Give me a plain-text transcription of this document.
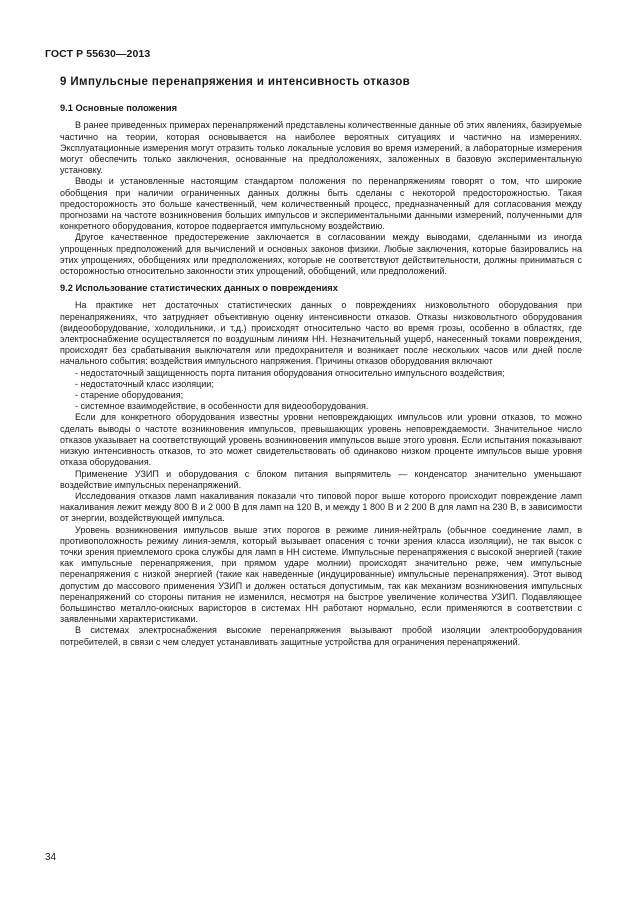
ГОСТ Р 55630—2013
9 Импульсные перенапряжения и интенсивность отказов
9.1 Основные положения

В ранее приведенных примерах перенапряжений представлены количественные данные об этих явлениях, базируемые частично на теории, которая основывается на наиболее вероятных ситуациях и частично на измерениях. Эксплуатационные измерения могут отразить только локальные условия во время измерений, а лабораторные измерения могут обеспечить только заключения, основанные на предположениях, заложенных в базовую экспериментальную установку.

Вводы и установленные настоящим стандартом положения по перенапряжениям говорят о том, что широкие обобщения при наличии ограниченных данных должны быть сделаны с некоторой предосторожностью. Такая предосторожность это больше качественный, чем количественный процесс, предназначенный для согласования между прогнозами на частоте возникновения больших импульсов и экспериментальными данными измерений, полученными для конкретного оборудования, которое подвергается импульсному воздействию.

Другое качественное предостережение заключается в согласовании между выводами, сделанными из иногда упрощенных предположений для вычислений и основных законов физики. Любые заключения, которые базировались на этих упрощениях, обобщениях или предположениях, которые не соответствуют действительности, должны приниматься с осторожностью относительно законности этих упрощений, обобщений, или предположений.

9.2 Использование статистических данных о повреждениях

На практике нет достаточных статистических данных о повреждениях низковольтного оборудования при перенапряжениях, что затрудняет объективную оценку интенсивности отказов. Отказы низковольтного оборудования (видеооборудование, холодильники, и т.д.) происходят относительно часто во время грозы, особенно в областях, где электроснабжение осуществляется по воздушным линиям НН. Незначительный ущерб, нанесенный токами повреждения, происходят без срабатывания выключателя или предохранителя и возникает после нескольких часов или дней после начального события: воздействия импульсного напряжения. Причины отказов оборудования включают

- недостаточный защищенность порта питания оборудования относительно импульсного воздействия;

- недостаточный класс изоляции;

- старение оборудования;

- системное взаимодействие, в особенности для видеооборудования.

Если для конкретного оборудования известны уровни неповреждающих импульсов или уровни отказов, то можно сделать выводы о частоте возникновения импульсов, превышающих уровень неповреждаемости. Значительное число отказов указывает на соответствующий уровень возникновения импульсов выше этого уровня. Если испытания показывают низкую интенсивность отказов, то это может свидетельствовать об одинаково низком проценте импульсов выше уровня отказа оборудования.

Применение УЗИП и оборудования с блоком питания выпрямитель — конденсатор значительно уменьшают воздействие импульсных перенапряжений.

Исследования отказов ламп накаливания показали что типовой порог выше которого происходит повреждение ламп накаливания лежит между 800 В и 2 000 В для ламп на 120 В, и между 1 800 В и 2 200 В для ламп на 230 В, в зависимости от энергии, воздействующей импульса.

Уровень возникновения импульсов выше этих порогов в режиме линия-нейтраль (обычное соединение ламп, в противоположность режиму линия-земля, который вызывает опасения с точки зрения класса изоляции), не так высок с точки зрения приемлемого срока службы для ламп в НН системе. Импульсные перенапряжения с высокой энергией (такие как импульсные перенапряжения, при прямом ударе молнии) происходят значительно реже, чем импульсные перенапряжения с низкой энергией (такие как наведенные (индуцированные) импульсные перенапряжения). Этот вывод допустим до массового применения УЗИП и должен остаться допустимым, так как механизм возникновения импульсных перенапряжений со стороны питания не изменился, несмотря на быстрое увеличение количества УЗИП. Подавляющее большинство металло-окисных варисторов в системах НН работают нормально, если применяются в соответствии с заявленными характеристиками.

В системах электроснабжения высокие перенапряжения вызывают пробой изоляции электрооборудования потребителей, в связи с чем следует устанавливать защитные устройства для ограничения перенапряжений.

34
